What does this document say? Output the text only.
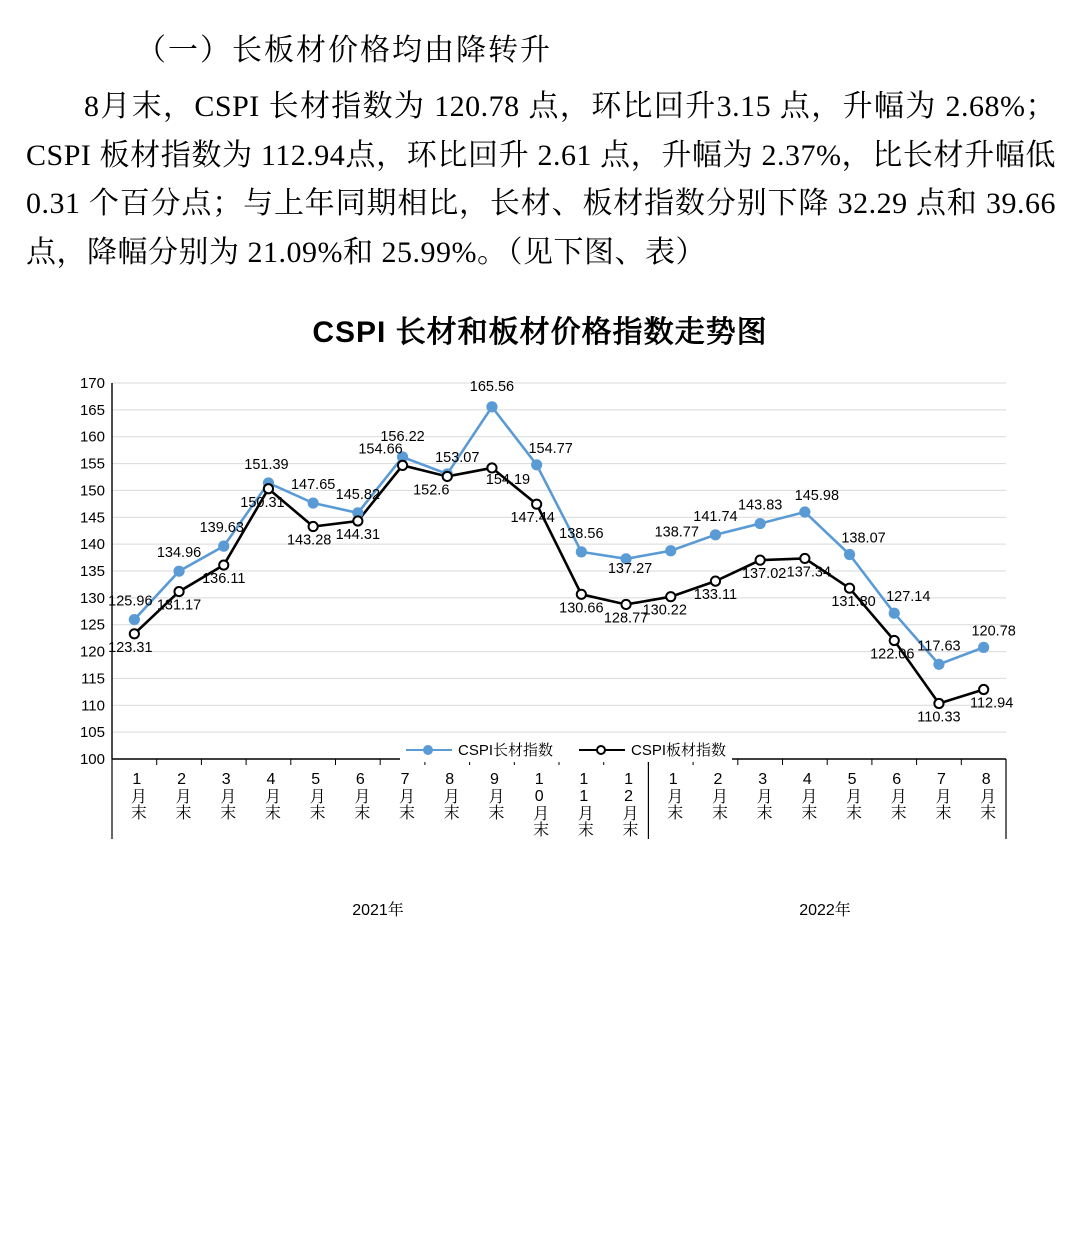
（一）长板材价格均由降转升
8月末，CSPI 长材指数为 120.78 点，环比回升3.15 点，升幅为 2.68%；CSPI 板材指数为 112.94点，环比回升 2.61 点，升幅为 2.37%，比长材升幅低 0.31 个百分点；与上年同期相比，长材、板材指数分别下降 32.29 点和 39.66 点，降幅分别为 21.09%和 25.99%。（见下图、表）
CSPI 长材和板材价格指数走势图
100
105
110
115
120
125
130
135
140
145
150
155
160
165
170
125.96
134.96
139.63
151.39
147.65
145.82
156.22
153.07
165.56
154.77
138.56
137.27
138.77
141.74
143.83
145.98
138.07
127.14
117.63
120.78
123.31
131.17
136.11
150.31
143.28 144.31
154.66
152.6
154.19
147.44
130.66
128.77
130.22
133.11
137.02 137.34
131.80
122.06
110.33
112.94
CSPI长材指数	CSPI板材指数
1月末 2月末 3月末 4月末 5月末 6月末 7月末 8月末 9月末 10月末 11月末 12月末 1月末 2月末 3月末 4月末 5月末 6月末 7月末 8月末
2021年	2022年
